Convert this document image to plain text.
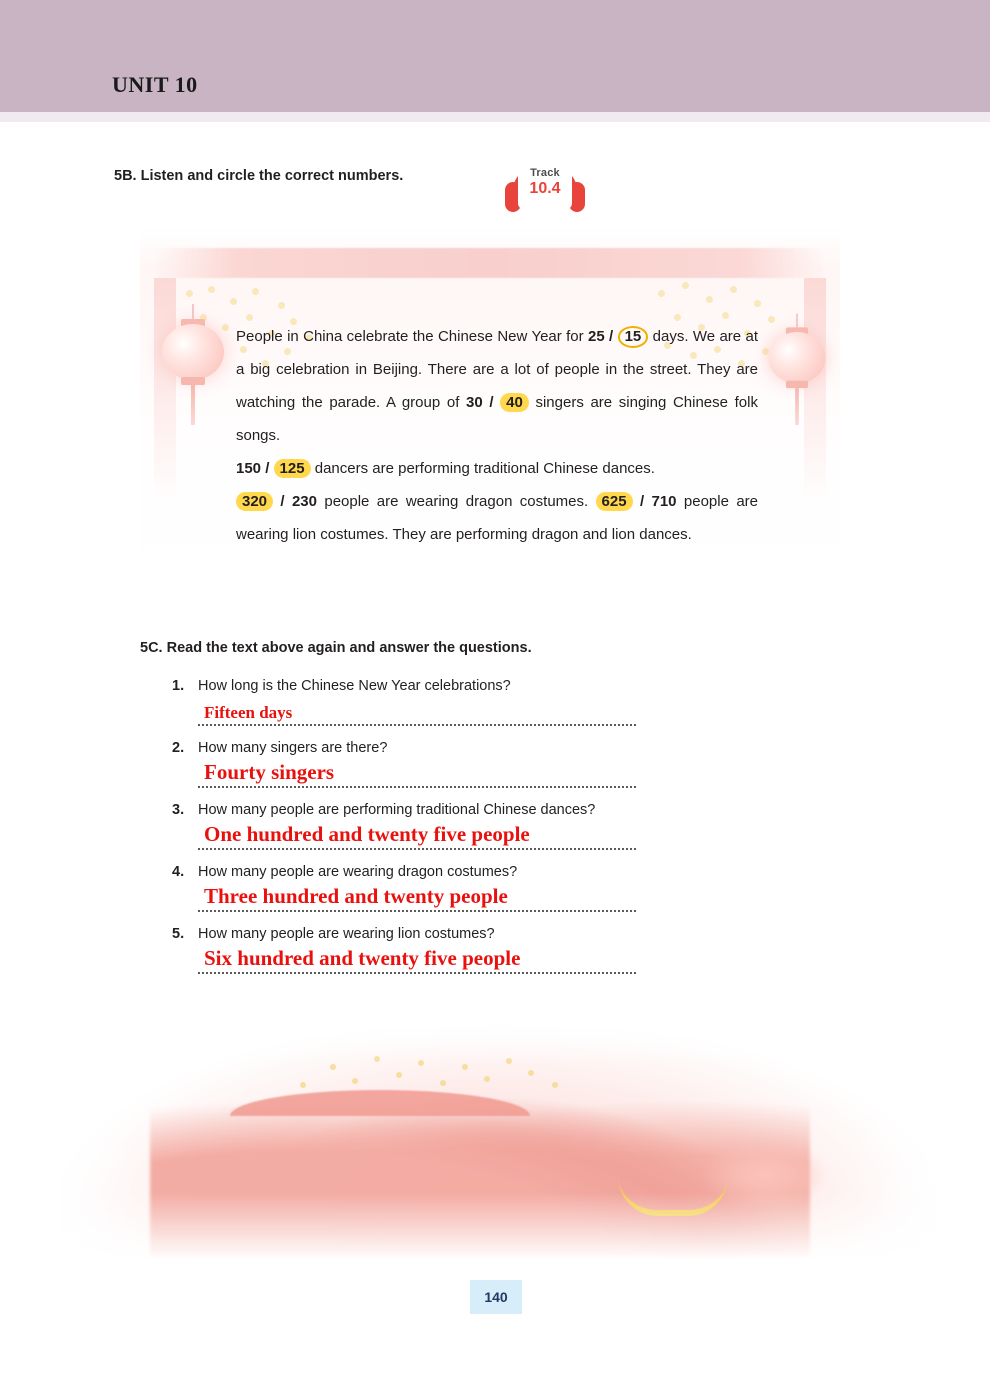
UNIT 10
5B. Listen and circle the correct numbers.	Track
10.4

People in China celebrate the Chinese New Year for 25 / 15 days. We are at a big celebration in Beijing. There are a lot of people in the street. They are watching the parade. A group of 30 / 40 singers are singing Chinese folk songs.

150 / 125 dancers are performing traditional Chinese dances.

320 / 230 people are wearing dragon costumes. 625 / 710 people are wearing lion costumes. They are performing dragon and lion dances.

5C. Read the text above again and answer the questions.
1. How long is the Chinese New Year celebrations?
Fifteen days
2. How many singers are there?
Fourty singers
3. How many people are performing traditional Chinese dances?
One hundred and twenty five people
4. How many people are wearing dragon costumes?
Three hundred and twenty people
5. How many people are wearing lion costumes?
Six hundred and twenty five people
140
